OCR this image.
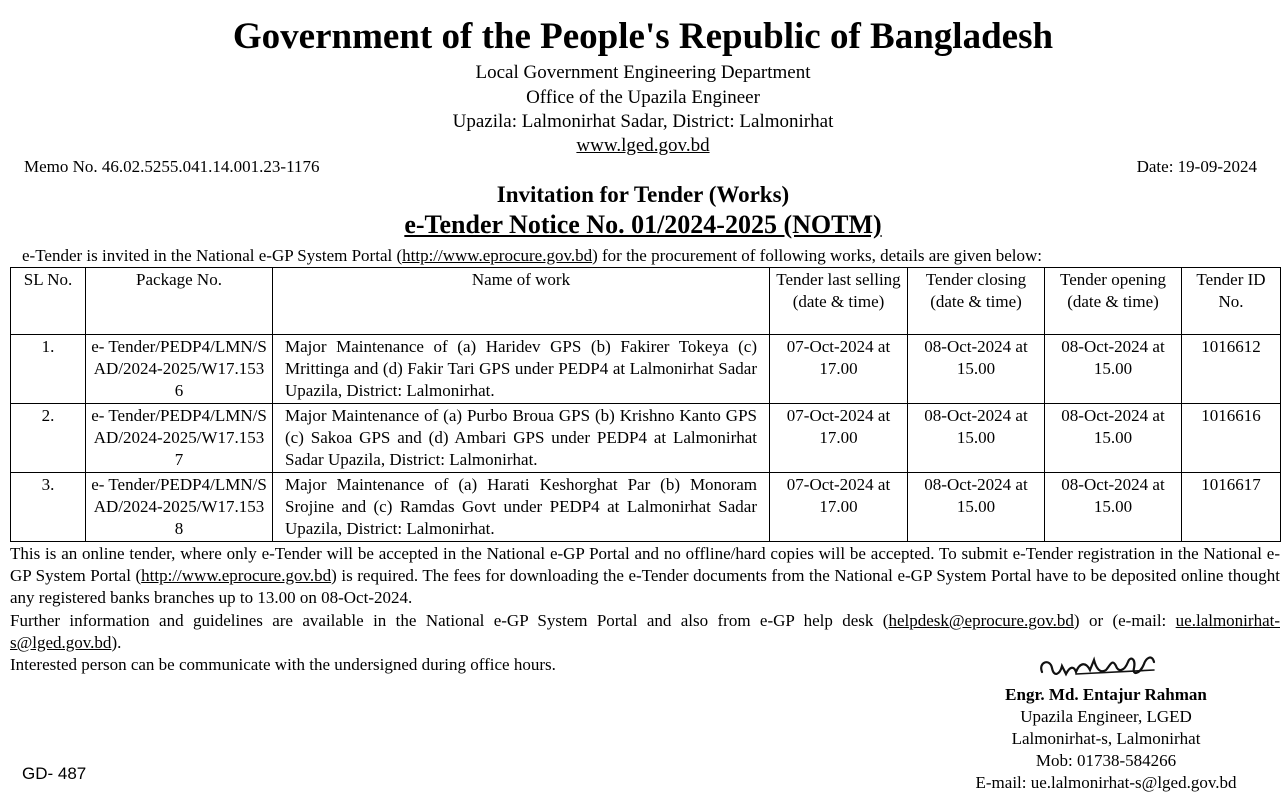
Government of the People's Republic of Bangladesh
Local Government Engineering Department
Office of the Upazila Engineer
Upazila: Lalmonirhat Sadar, District: Lalmonirhat
www.lged.gov.bd
Memo No. 46.02.5255.041.14.001.23-1176	Date: 19-09-2024
Invitation for Tender (Works)
e-Tender Notice No. 01/2024-2025 (NOTM)
e-Tender is invited in the National e-GP System Portal (http://www.eprocure.gov.bd) for the procurement of following works, details are given below:
SL No.	Package No.	Name of work	Tender last selling (date & time)	Tender closing (date & time)	Tender opening (date & time)	Tender ID No.
1.	e- Tender/PEDP4/LMN/SAD/2024-2025/W17.1536	Major Maintenance of (a) Haridev GPS (b) Fakirer Tokeya (c) Mrittinga and (d) Fakir Tari GPS under PEDP4 at Lalmonirhat Sadar Upazila, District: Lalmonirhat.	07-Oct-2024 at 17.00	08-Oct-2024 at 15.00	08-Oct-2024 at 15.00	1016612
2.	e- Tender/PEDP4/LMN/SAD/2024-2025/W17.1537	Major Maintenance of (a) Purbo Broua GPS (b) Krishno Kanto GPS (c) Sakoa GPS and (d) Ambari GPS under PEDP4 at Lalmonirhat Sadar Upazila, District: Lalmonirhat.	07-Oct-2024 at 17.00	08-Oct-2024 at 15.00	08-Oct-2024 at 15.00	1016616
3.	e- Tender/PEDP4/LMN/SAD/2024-2025/W17.1538	Major Maintenance of (a) Harati Keshorghat Par (b) Monoram Srojine and (c) Ramdas Govt under PEDP4 at Lalmonirhat Sadar Upazila, District: Lalmonirhat.	07-Oct-2024 at 17.00	08-Oct-2024 at 15.00	08-Oct-2024 at 15.00	1016617
This is an online tender, where only e-Tender will be accepted in the National e-GP Portal and no offline/hard copies will be accepted. To submit e-Tender registration in the National e-GP System Portal (http://www.eprocure.gov.bd) is required. The fees for downloading the e-Tender documents from the National e-GP System Portal have to be deposited online thought any registered banks branches up to 13.00 on 08-Oct-2024.
Further information and guidelines are available in the National e-GP System Portal and also from e-GP help desk (helpdesk@eprocure.gov.bd) or (e-mail: ue.lalmonirhat-s@lged.gov.bd).
Interested person can be communicate with the undersigned during office hours.
Engr. Md. Entajur Rahman
Upazila Engineer, LGED
Lalmonirhat-s, Lalmonirhat
Mob: 01738-584266
E-mail: ue.lalmonirhat-s@lged.gov.bd
GD- 487
